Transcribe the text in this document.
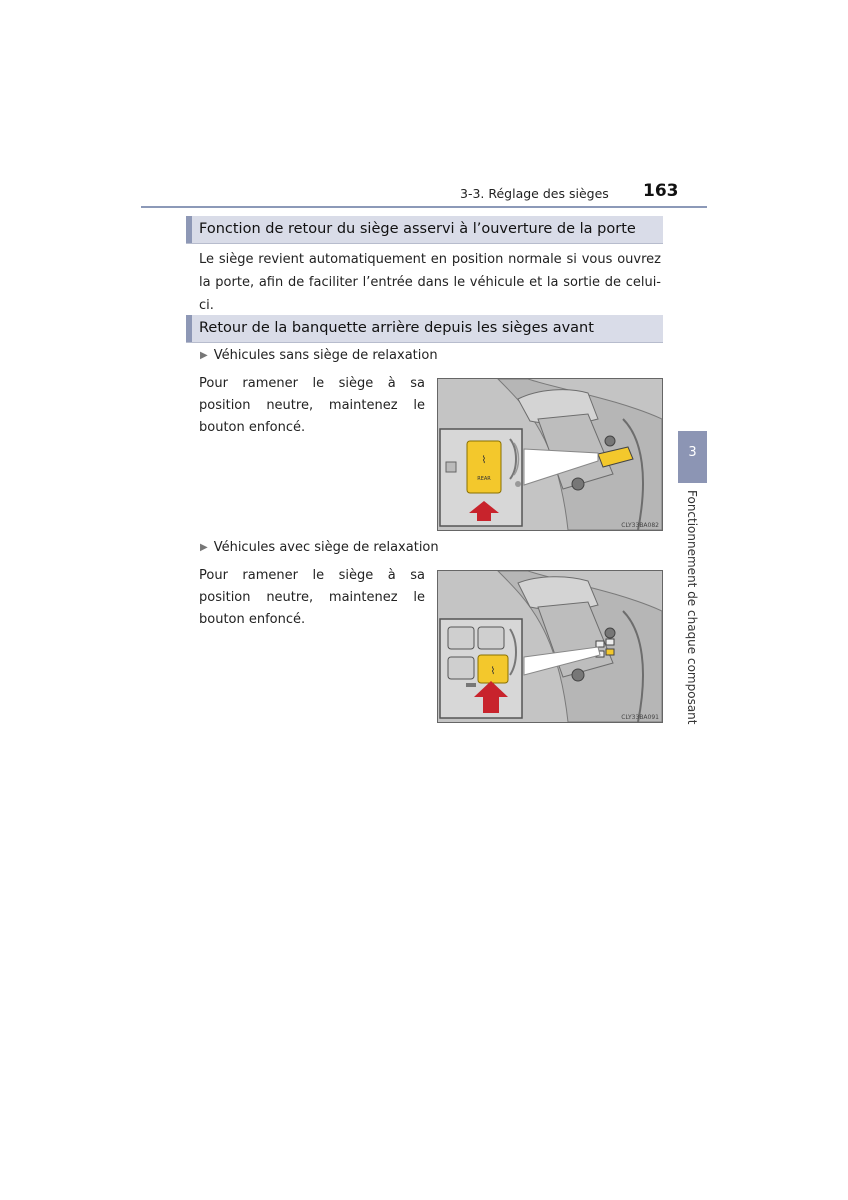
3-3. Réglage des sièges 163
Fonction de retour du siège asservi à l’ouverture de la porte
Le siège revient automatiquement en position normale si vous ouvrez la porte, afin de faciliter l’entrée dans le véhicule et la sortie de celui-ci.
Retour de la banquette arrière depuis les sièges avant
▶ Véhicules sans siège de relaxation
Pour ramener le siège à sa position neutre, maintenez le bouton enfoncé.
⌇
REAR
CLY33BA082
▶ Véhicules avec siège de relaxation
Pour ramener le siège à sa position neutre, maintenez le bouton enfoncé.
⌇
CLY33BA091
3
Fonctionnement de chaque composant
